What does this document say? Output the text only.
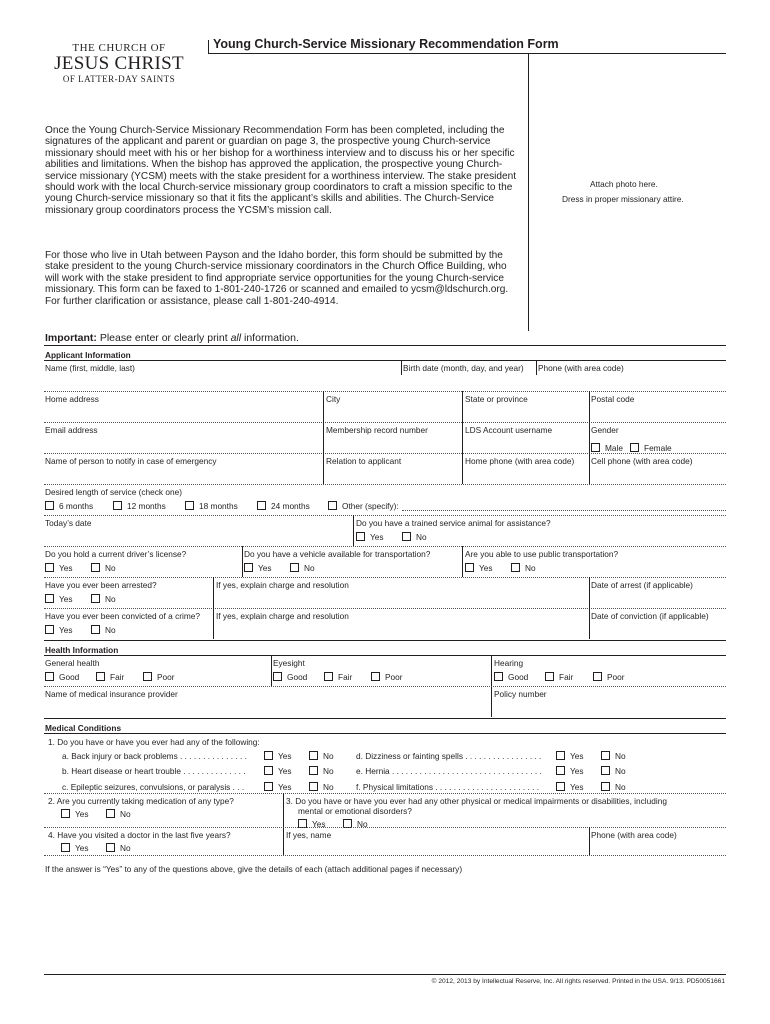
THE CHURCH OF
JESUS CHRIST
OF LATTER-DAY SAINTS
Young Church-Service Missionary Recommendation Form
Attach photo here.
Dress in proper missionary attire.
Once the Young Church-Service Missionary Recommendation Form has been completed, including the signatures of the applicant and parent or guardian on page 3, the prospective young Church-service missionary should meet with his or her bishop for a worthiness interview and to discuss his or her specific abilities and limitations. When the bishop has approved the application, the prospective young Church-service missionary (YCSM) meets with the stake president for a worthiness interview. The stake president should work with the local Church-service missionary group coordinators to craft a mission specific to the young Church-service missionary so that it fits the applicant’s skills and abilities. The Church-Service missionary group coordinators process the YCSM’s mission call.
For those who live in Utah between Payson and the Idaho border, this form should be submitted by the stake president to the young Church-service missionary coordinators in the Church Office Building, who will work with the stake president to find appropriate service opportunities for the young Church-service missionary. This form can be faxed to 1-801-240-1726 or scanned and emailed to ycsm@ldschurch.org. For further clarification or assistance, please call 1-801-240-4914.
Important: Please enter or clearly print all information.
Applicant Information
Name (first, middle, last)	Birth date (month, day, and year) Phone (with area code)
Home address	City	State or province	Postal code
Email address	Membership record number	LDS Account username	Gender
Male	Female
Name of person to notify in case of emergency	Relation to applicant	Home phone (with area code) Cell phone (with area code)
Desired length of service (check one)
6 months	12 months	18 months	24 months	Other (specify):
Today’s date	Do you have a trained service animal for assistance?
Yes	No
Do you hold a current driver’s license?
Yes	No
Do you have a vehicle available for transportation?
Yes	No
Are you able to use public transportation?
Yes	No
Have you ever been arrested?
Yes	No
If yes, explain charge and resolution	Date of arrest (if applicable)
Have you ever been convicted of a crime?
Yes	No
If yes, explain charge and resolution	Date of conviction (if applicable)
Health Information
General health
Good	Fair	Poor
Eyesight
Good	Fair	Poor
Hearing
Good	Fair	Poor
Name of medical insurance provider	Policy number
Medical Conditions
1. Do you have or have you ever had any of the following:
a. Back injury or back problems . . . . . . . . . . . . . . .	Yes	No	d. Dizziness or fainting spells . . . . . . . . . . . . . . . . .	Yes	No
b. Heart disease or heart trouble . . . . . . . . . . . . . .	Yes	No	e. Hernia . . . . . . . . . . . . . . . . . . . . . . . . . . . . . . . . .	Yes	No
c. Epileptic seizures, convulsions, or paralysis . . .	Yes	No	f. Physical limitations . . . . . . . . . . . . . . . . . . . . . . .	Yes	No
2. Are you currently taking medication of any type?
Yes	No
3. Do you have or have you ever had any other physical or medical impairments or disabilities, including
mental or emotional disorders?
Yes	No
4. Have you visited a doctor in the last five years?
Yes	No
If yes, name	Phone (with area code)
If the answer is “Yes” to any of the questions above, give the details of each (attach additional pages if necessary)
© 2012, 2013 by Intellectual Reserve, Inc. All rights reserved. Printed in the USA. 9/13. PD50051661
